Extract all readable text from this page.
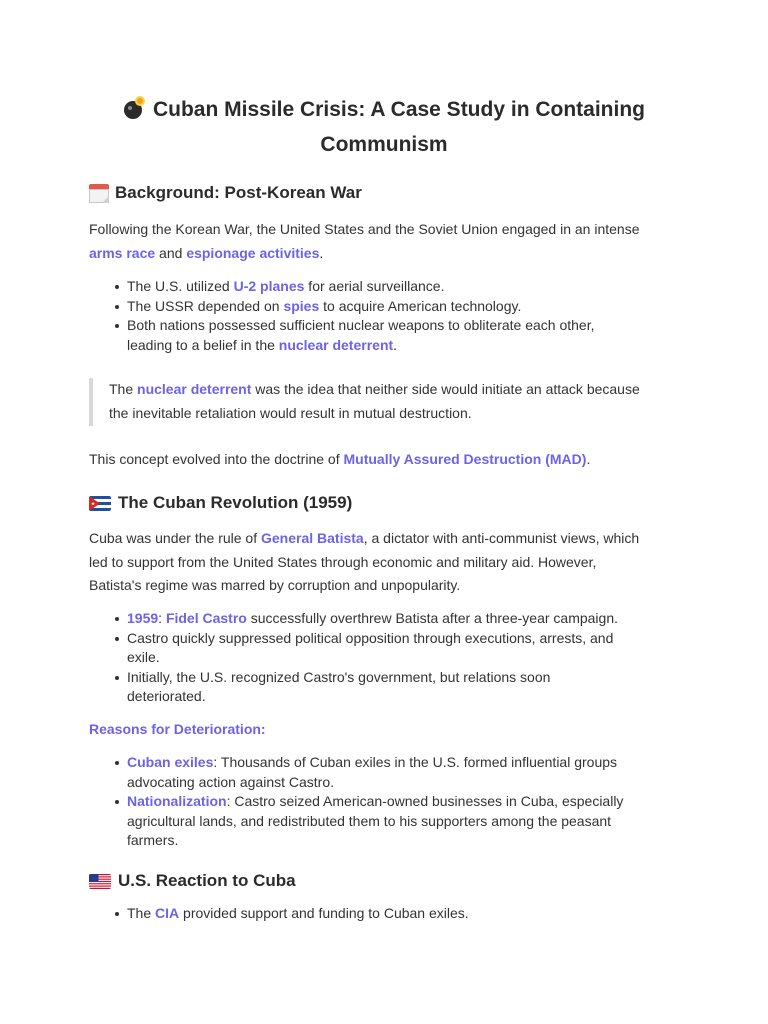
Cuban Missile Crisis: A Case Study in Containing
Communism
Background: Post-Korean War

Following the Korean War, the United States and the Soviet Union engaged in an intense
arms race and espionage activities.

The U.S. utilized U-2 planes for aerial surveillance.
The USSR depended on spies to acquire American technology.
Both nations possessed sufficient nuclear weapons to obliterate each other,
leading to a belief in the nuclear deterrent.

The nuclear deterrent was the idea that neither side would initiate an attack because
the inevitable retaliation would result in mutual destruction.

This concept evolved into the doctrine of Mutually Assured Destruction (MAD).

The Cuban Revolution (1959)

Cuba was under the rule of General Batista, a dictator with anti-communist views, which
led to support from the United States through economic and military aid. However,
Batista's regime was marred by corruption and unpopularity.

1959: Fidel Castro successfully overthrew Batista after a three-year campaign.
Castro quickly suppressed political opposition through executions, arrests, and
exile.
Initially, the U.S. recognized Castro's government, but relations soon
deteriorated.

Reasons for Deterioration:

Cuban exiles: Thousands of Cuban exiles in the U.S. formed influential groups
advocating action against Castro.
Nationalization: Castro seized American-owned businesses in Cuba, especially
agricultural lands, and redistributed them to his supporters among the peasant
farmers.
U.S. Reaction to Cuba
The CIA provided support and funding to Cuban exiles.
